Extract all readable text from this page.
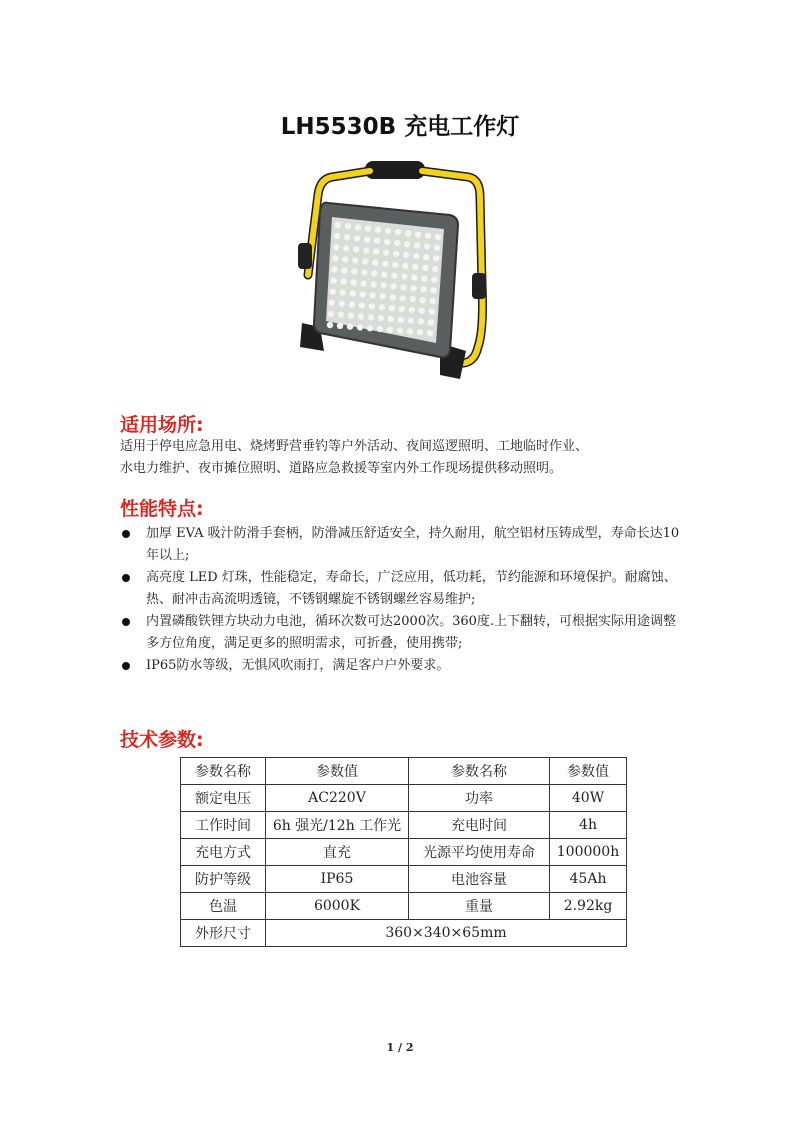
LH5530B 充电工作灯
适用场所:
适用于停电应急用电、烧烤野营垂钓等户外活动、夜间巡逻照明、工地临时作业、
水电力维护、夜市摊位照明、道路应急救援等室内外工作现场提供移动照明。
性能特点:
加厚 EVA 吸汁防滑手套柄，防滑减压舒适安全，持久耐用，航空铝材压铸成型，寿命长达10年以上;
高亮度 LED 灯珠，性能稳定，寿命长，广泛应用，低功耗，节约能源和环境保护。耐腐蚀、热、耐冲击高流明透镜，不锈钢螺旋不锈钢螺丝容易维护;
内置磷酸铁锂方块动力电池，循环次数可达2000次。360度.上下翻转，可根据实际用途调整多方位角度，满足更多的照明需求，可折叠，使用携带;
IP65防水等级，无惧风吹雨打，满足客户户外要求。
技术参数:
参数名称	参数值	参数名称	参数值
额定电压	AC220V	功率	40W
工作时间	6h 强光/12h 工作光	充电时间	4h
充电方式	直充	光源平均使用寿命	100000h
防护等级	IP65	电池容量	45Ah
色温	6000K	重量	2.92kg
外形尺寸	360×340×65mm		
1 / 2
